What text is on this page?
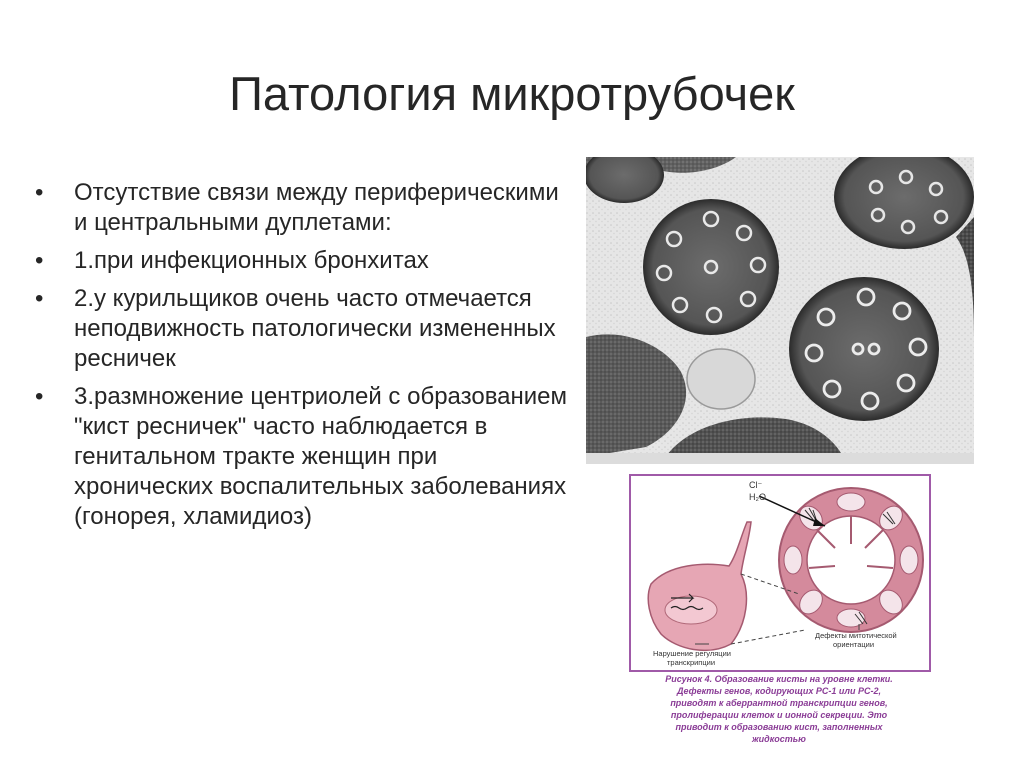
Патология микротрубочек
• Отсутствие связи между периферическими и центральными дуплетами:
• 1.при инфекционных бронхитах
• 2.у курильщиков очень часто отмечается неподвижность патологически измененных ресничек
• 3.размножение центриолей с образованием "кист ресничек" часто наблюдается в генитальном тракте женщин при хронических воспалительных заболеваниях (гонорея, хламидиоз)
Cl⁻
H₂O
Нарушение регуляции
транскрипции
Дефекты митотической
ориентации
Рисунок 4. Образование кисты на уровне клетки.
Дефекты генов, кодирующих PC-1 или PC-2,
приводят к аберрантной транскрипции генов,
пролиферации клеток и ионной секреции. Это
приводит к образованию кист, заполненных
жидкостью
